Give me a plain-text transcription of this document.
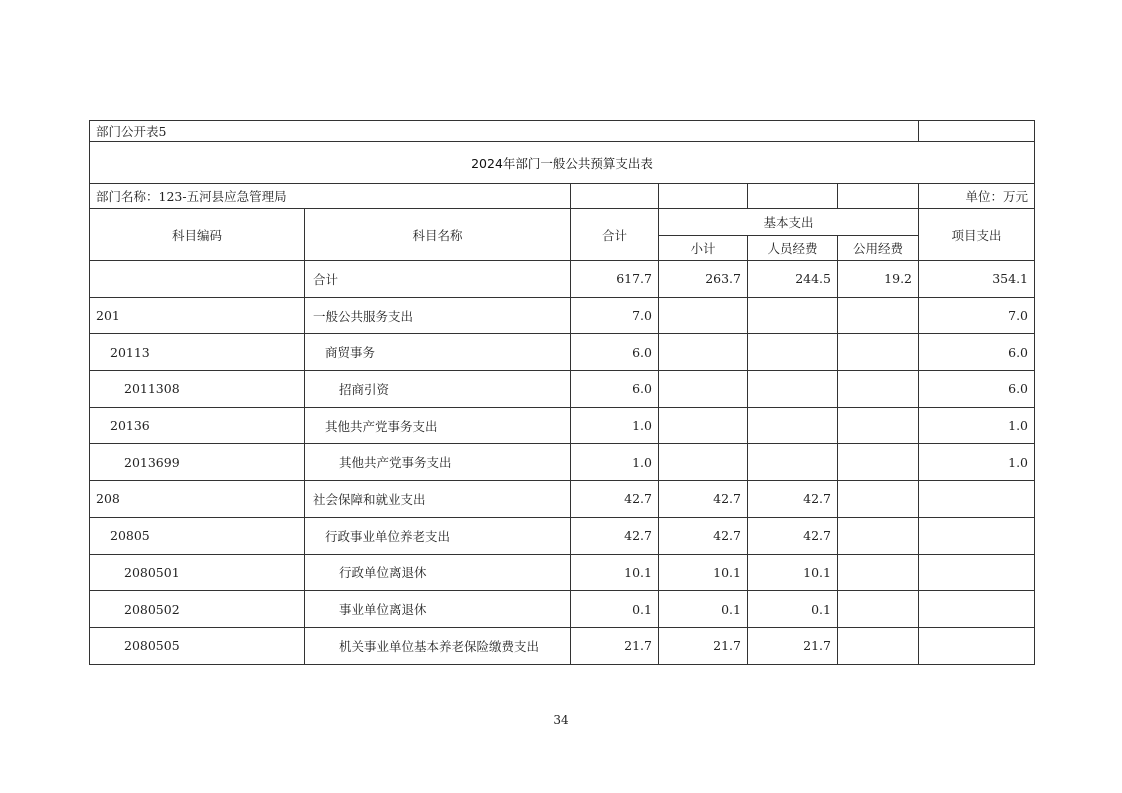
部门公开表5						
2024年部门一般公共预算支出表						
部门名称：123-五河县应急管理局						单位：万元
科目编码	科目名称	合计	基本支出			项目支出
			小计	人员经费	公用经费	
	合计	617.7	263.7	244.5	19.2	354.1
201	一般公共服务支出	7.0				7.0
20113	商贸事务	6.0				6.0
2011308	招商引资	6.0				6.0
20136	其他共产党事务支出	1.0				1.0
2013699	其他共产党事务支出	1.0				1.0
208	社会保障和就业支出	42.7	42.7	42.7		
20805	行政事业单位养老支出	42.7	42.7	42.7		
2080501	行政单位离退休	10.1	10.1	10.1		
2080502	事业单位离退休	0.1	0.1	0.1		
2080505	机关事业单位基本养老保险缴费支出	21.7	21.7	21.7		
34
